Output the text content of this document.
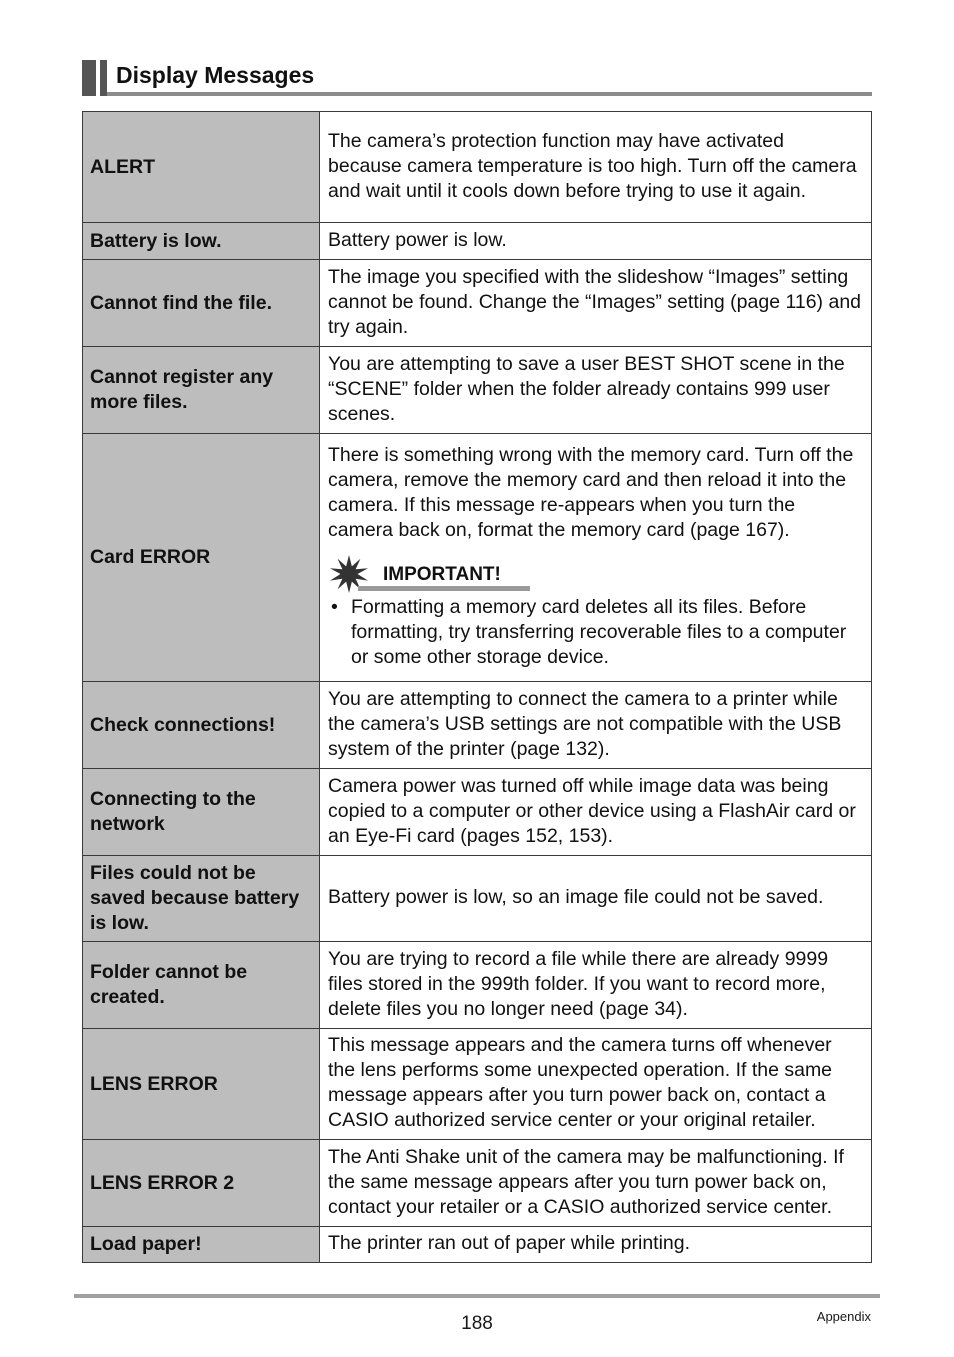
Display Messages
ALERT	The camera’s protection function may have activated because camera temperature is too high. Turn off the camera and wait until it cools down before trying to use it again.
Battery is low.	Battery power is low.
Cannot find the file.	The image you specified with the slideshow “Images” setting cannot be found. Change the “Images” setting (page 116) and try again.
Cannot register any more files.	You are attempting to save a user BEST SHOT scene in the “SCENE” folder when the folder already contains 999 user scenes.
Card ERROR	There is something wrong with the memory card. Turn off the camera, remove the memory card and then reload it into the camera. If this message re-appears when you turn the camera back on, format the memory card (page 167).
IMPORTANT!
• Formatting a memory card deletes all its files. Before formatting, try transferring recoverable files to a computer or some other storage device.

Check connections!	You are attempting to connect the camera to a printer while the camera’s USB settings are not compatible with the USB system of the printer (page 132).
Connecting to the network	Camera power was turned off while image data was being copied to a computer or other device using a FlashAir card or an Eye-Fi card (pages 152, 153).
Files could not be saved because battery is low.	Battery power is low, so an image file could not be saved.
Folder cannot be created.	You are trying to record a file while there are already 9999 files stored in the 999th folder. If you want to record more, delete files you no longer need (page 34).
LENS ERROR	This message appears and the camera turns off whenever the lens performs some unexpected operation. If the same message appears after you turn power back on, contact a CASIO authorized service center or your original retailer.
LENS ERROR 2	The Anti Shake unit of the camera may be malfunctioning. If the same message appears after you turn power back on, contact your retailer or a CASIO authorized service center.
Load paper!	The printer ran out of paper while printing.
188	Appendix
